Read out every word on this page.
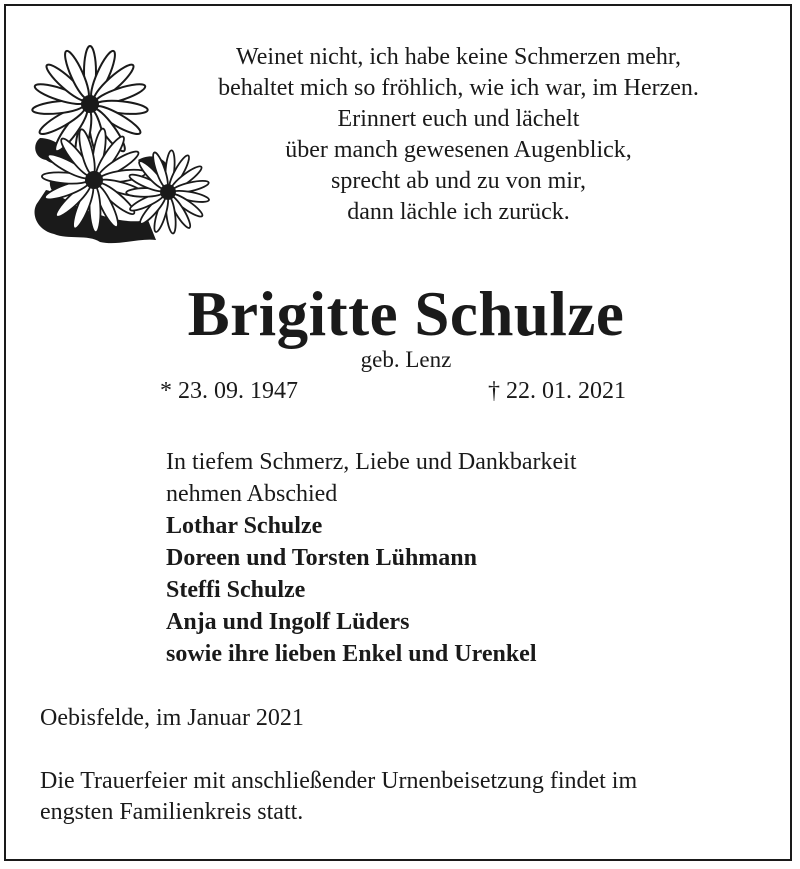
Weinet nicht, ich habe keine Schmerzen mehr,
behaltet mich so fröhlich, wie ich war, im Herzen.
Erinnert euch und lächelt
über manch gewesenen Augenblick,
sprecht ab und zu von mir,
dann lächle ich zurück.
Brigitte Schulze
geb. Lenz
* 23. 09. 1947	† 22. 01. 2021
In tiefem Schmerz, Liebe und Dankbarkeit
nehmen Abschied
Lothar Schulze
Doreen und Torsten Lühmann
Steffi Schulze
Anja und Ingolf Lüders
sowie ihre lieben Enkel und Urenkel
Oebisfelde, im Januar 2021
Die Trauerfeier mit anschließender Urnenbeisetzung findet im
engsten Familienkreis statt.
